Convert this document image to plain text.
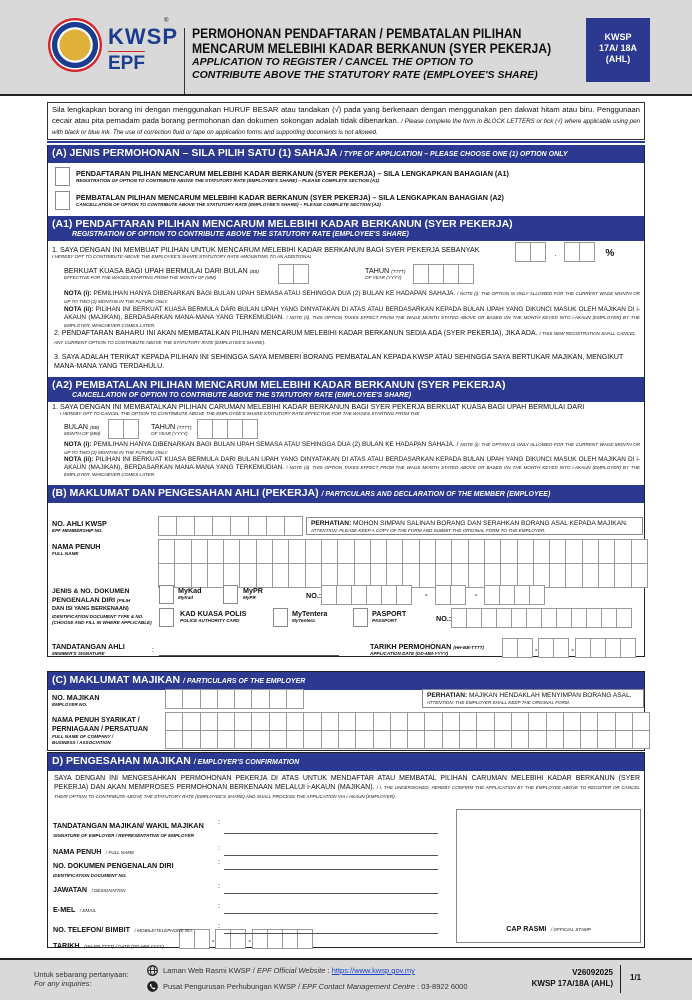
KWSP
EPF
®
PERMOHONAN PENDAFTARAN / PEMBATALAN PILIHAN
MENCARUM MELEBIHI KADAR BERKANUN (SYER PEKERJA)
APPLICATION TO REGISTER / CANCEL THE OPTION TO
CONTRIBUTE ABOVE THE STATUTORY RATE (EMPLOYEE'S SHARE)
KWSP
17A/ 18A
(AHL)
Sila lengkapkan borang ini dengan menggunakan HURUF BESAR atau tandakan (√) pada yang berkenaan dengan menggunakan pen dakwat hitam atau biru. Penggunaan cecair atau pita pemadam pada borang permohonan dan dokumen sokongan adalah tidak dibenarkan. / Please complete the form in BLOCK LETTERS or tick (√) where applicable using pen with black or blue ink. The use of correction fluid or tape on application forms and supporting documents is not allowed.
(A) JENIS PERMOHONAN – SILA PILIH SATU (1) SAHAJA / TYPE OF APPLICATION – PLEASE CHOOSE ONE (1) OPTION ONLY
PENDAFTARAN PILIHAN MENCARUM MELEBIHI KADAR BERKANUN (SYER PEKERJA) – SILA LENGKAPKAN BAHAGIAN (A1)
REGISTRATION OF OPTION TO CONTRIBUTE ABOVE THE STATUTORY RATE (EMPLOYEE'S SHARE) – PLEASE COMPLETE SECTION (A1)
PEMBATALAN PILIHAN MENCARUM MELEBIHI KADAR BERKANUN (SYER PEKERJA) – SILA LENGKAPKAN BAHAGIAN (A2)
CANCELLATION OF OPTION TO CONTRIBUTE ABOVE THE STATUTORY RATE (EMPLOYEE'S SHARE) – PLEASE COMPLETE SECTION (A2)
(A1) PENDAFTARAN PILIHAN MENCARUM MELEBIHI KADAR BERKANUN (SYER PEKERJA)
REGISTRATION OF OPTION TO CONTRIBUTE ABOVE THE STATUTORY RATE (EMPLOYEE'S SHARE)
1. SAYA DENGAN INI MEMBUAT PILIHAN UNTUK MENCARUM MELEBIHI KADAR BERKANUN BAGI SYER PEKERJA SEBANYAK
I HEREBY OPT TO CONTRIBUTE ABOVE THE EMPLOYEE'S SHARE STATUTORY RATE AMOUNTING TO AN ADDITIONAL	.	%
BERKUAT KUASA BAGI UPAH BERMULAI DARI BULAN (BB)
EFFECTIVE FOR THE WAGES STARTING FROM THE MONTH OF (MM)
TAHUN (TTTT)
OF YEAR (YYYY)
NOTA (i): PEMILIHAN HANYA DIBENARKAN BAGI BULAN UPAH SEMASA ATAU SEHINGGA DUA (2) BULAN KE HADAPAN SAHAJA. / NOTE (i): THE OPTION IS ONLY ALLOWED FOR THE CURRENT WAGE MONTH OR UP TO TWO (2) MONTHS IN THE FUTURE ONLY.
NOTA (ii): PILIHAN INI BERKUAT KUASA BERMULA DARI BULAN UPAH YANG DINYATAKAN DI ATAS ATAU BERDASARKAN KEPADA BULAN UPAH YANG DIKUNCI MASUK OLEH MAJIKAN DI i-AKAUN (MAJIKAN), BERDASARKAN MANA-MANA YANG TERKEMUDIAN. / NOTE (ii): THIS OPTION TAKES EFFECT FROM THE WAGE MONTH STATED ABOVE OR BASED ON THE MONTH KEYED INTO i-AKAUN (EMPLOYER) BY THE EMPLOYER, WHICHEVER COMES LATER.
2. PENDAFTARAN BAHARU INI AKAN MEMBATALKAN PILIHAN MENCARUM MELEBIHI KADAR BERKANUN SEDIA ADA (SYER PEKERJA), JIKA ADA. / THIS NEW REGISTRATION SHALL CANCEL ANY CURRENT OPTION TO CONTRIBUTE ABOVE THE STATUTORY RATE (EMPLOYEE'S SHARE).
3. SAYA ADALAH TERIKAT KEPADA PILIHAN INI SEHINGGA SAYA MEMBERI BORANG PEMBATALAN KEPADA KWSP ATAU SEHINGGA SAYA BERTUKAR MAJIKAN, MENGIKUT MANA-MANA YANG TERDAHULU.
(A2) PEMBATALAN PILIHAN MENCARUM MELEBIHI KADAR BERKANUN (SYER PEKERJA)
CANCELLATION OF OPTION TO CONTRIBUTE ABOVE THE STATUTORY RATE (EMPLOYEE'S SHARE)
1. SAYA DENGAN INI MEMBATALKAN PILIHAN CARUMAN MELEBIHI KADAR BERKANUN BAGI SYER PEKERJA BERKUAT KUASA BAGI UPAH BERMULAI DARI
I HEREBY OPT TO CANCEL THE OPTION TO CONTRIBUTE ABOVE THE EMPLOYEE'S SHARE STATUTORY RATE EFFECTIVE FOR THE WAGES STARTING FROM THE
BULAN (BB)
MONTH OF (MM)
TAHUN (TTTT)
OF YEAR (YYYY)
NOTA (i): PEMILIHAN HANYA DIBENARKAN BAGI BULAN UPAH SEMASA ATAU SEHINGGA DUA (2) BULAN KE HADAPAN SAHAJA. / NOTE (i): THE OPTION IS ONLY ALLOWED FOR THE CURRENT WAGE MONTH OR UP TO TWO (2) MONTHS IN THE FUTURE ONLY.
NOTA (ii): PILIHAN INI BERKUAT KUASA BERMULA DARI BULAN UPAH YANG DINYATAKAN DI ATAS ATAU BERDASARKAN KEPADA BULAN UPAH YANG DIKUNCI MASUK OLEH MAJIKAN DI i-AKAUN (MAJIKAN), BERDASARKAN MANA-MANA YANG TERKEMUDIAN. / NOTE (ii): THIS OPTION TAKES EFFECT FROM THE WAGE MONTH STATED ABOVE OR BASED ON THE MONTH KEYED INTO i-AKAUN (EMPLOYER) BY THE EMPLOYER, WHICHEVER COMES LATER.
(B) MAKLUMAT DAN PENGESAHAN AHLI (PEKERJA) / PARTICULARS AND DECLARATION OF THE MEMBER (EMPLOYEE)
NO. AHLI KWSP
EPF MEMBERSHIP NO.
PERHATIAN: MOHON SIMPAN SALINAN BORANG DAN SERAHKAN BORANG ASAL KEPADA MAJIKAN.
ATTENTION: PLEASE KEEP A COPY OF THE FORM AND SUBMIT THE ORIGINAL FORM TO THE EMPLOYER.
NAMA PENUH
FULL NAME
JENIS & NO. DOKUMEN
PENGENALAN DIRI (PILIH
DAN ISI YANG BERKENAAN)
IDENTIFICATION DOCUMENT TYPE & NO.
(CHOOSE AND FILL IN WHERE APPLICABLE)
MyKad
MyKad
MyPR
MyPR	NO.:	-	-
KAD KUASA POLIS
POLICE AUTHORITY CARD
MyTentera
MyTentera
PASPORT
PASSPORT	NO.:
TANDATANGAN AHLI
MEMBER'S SIGNATURE	:	TARIKH PERMOHONAN (HH-BB-TTTT)
APPLICATION DATE (DD-MM-YYYY)	-	-
(C) MAKLUMAT MAJIKAN / PARTICULARS OF THE EMPLOYER
NO. MAJIKAN
EMPLOYER NO.
PERHATIAN: MAJIKAN HENDAKLAH MENYIMPAN BORANG ASAL.
ATTENTION: THE EMPLOYER SHALL KEEP THE ORIGINAL FORM.
NAMA PENUH SYARIKAT /
PERNIAGAAN / PERSATUAN
FULL NAME OF COMPANY /
BUSINESS / ASSOCIATION
D) PENGESAHAN MAJIKAN / EMPLOYER'S CONFIRMATION
SAYA DENGAN INI MENGESAHKAN PERMOHONAN PEKERJA DI ATAS UNTUK MENDAFTAR ATAU MEMBATAL PILIHAN CARUMAN MELEBIHI KADAR BERKANUN (SYER PEKERJA) DAN AKAN MEMPROSES PERMOHONAN BERKENAAN MELALUI i-AKAUN (MAJIKAN). / I, THE UNDERSIGNED, HEREBY CONFIRM THE APPLICATION BY THE EMPLOYEE ABOVE TO REGISTER OR CANCEL THEIR OPTION TO CONTRIBUTE ABOVE THE STATUTORY RATE (EMPLOYEE'S SHARE) AND SHALL PROCESS THE APPLICATION VIA i-AKAUN (EMPLOYER).
TARIKH (HH-BB-TTTT) / DATE (DD-MM-YYYY)
-	-
CAP RASMI / OFFICIAL STAMP
TANDATANGAN MAJIKAN/ WAKIL MAJIKAN
SIGNATURE OF EMPLOYER / REPRESENTATIVE OF EMPLOYER
:
NAMA PENUH / FULL NAME
:
NO. DOKUMEN PENGENALAN DIRI
IDENTIFICATION DOCUMENT NO.
:
JAWATAN / DESIGNATION
:
E-MEL / EMAIL
:
NO. TELEFON/ BIMBIT / MOBILE/TELEPHONE NO.
:
Untuk sebarang pertanyaan:
For any inquiries:
Laman Web Rasmi KWSP / EPF Official Website : https://www.kwsp.gov.my
Pusat Pengurusan Perhubungan KWSP / EPF Contact Management Centre : 03-8922 6000
V26092025
KWSP 17A/18A (AHL)
1/1
